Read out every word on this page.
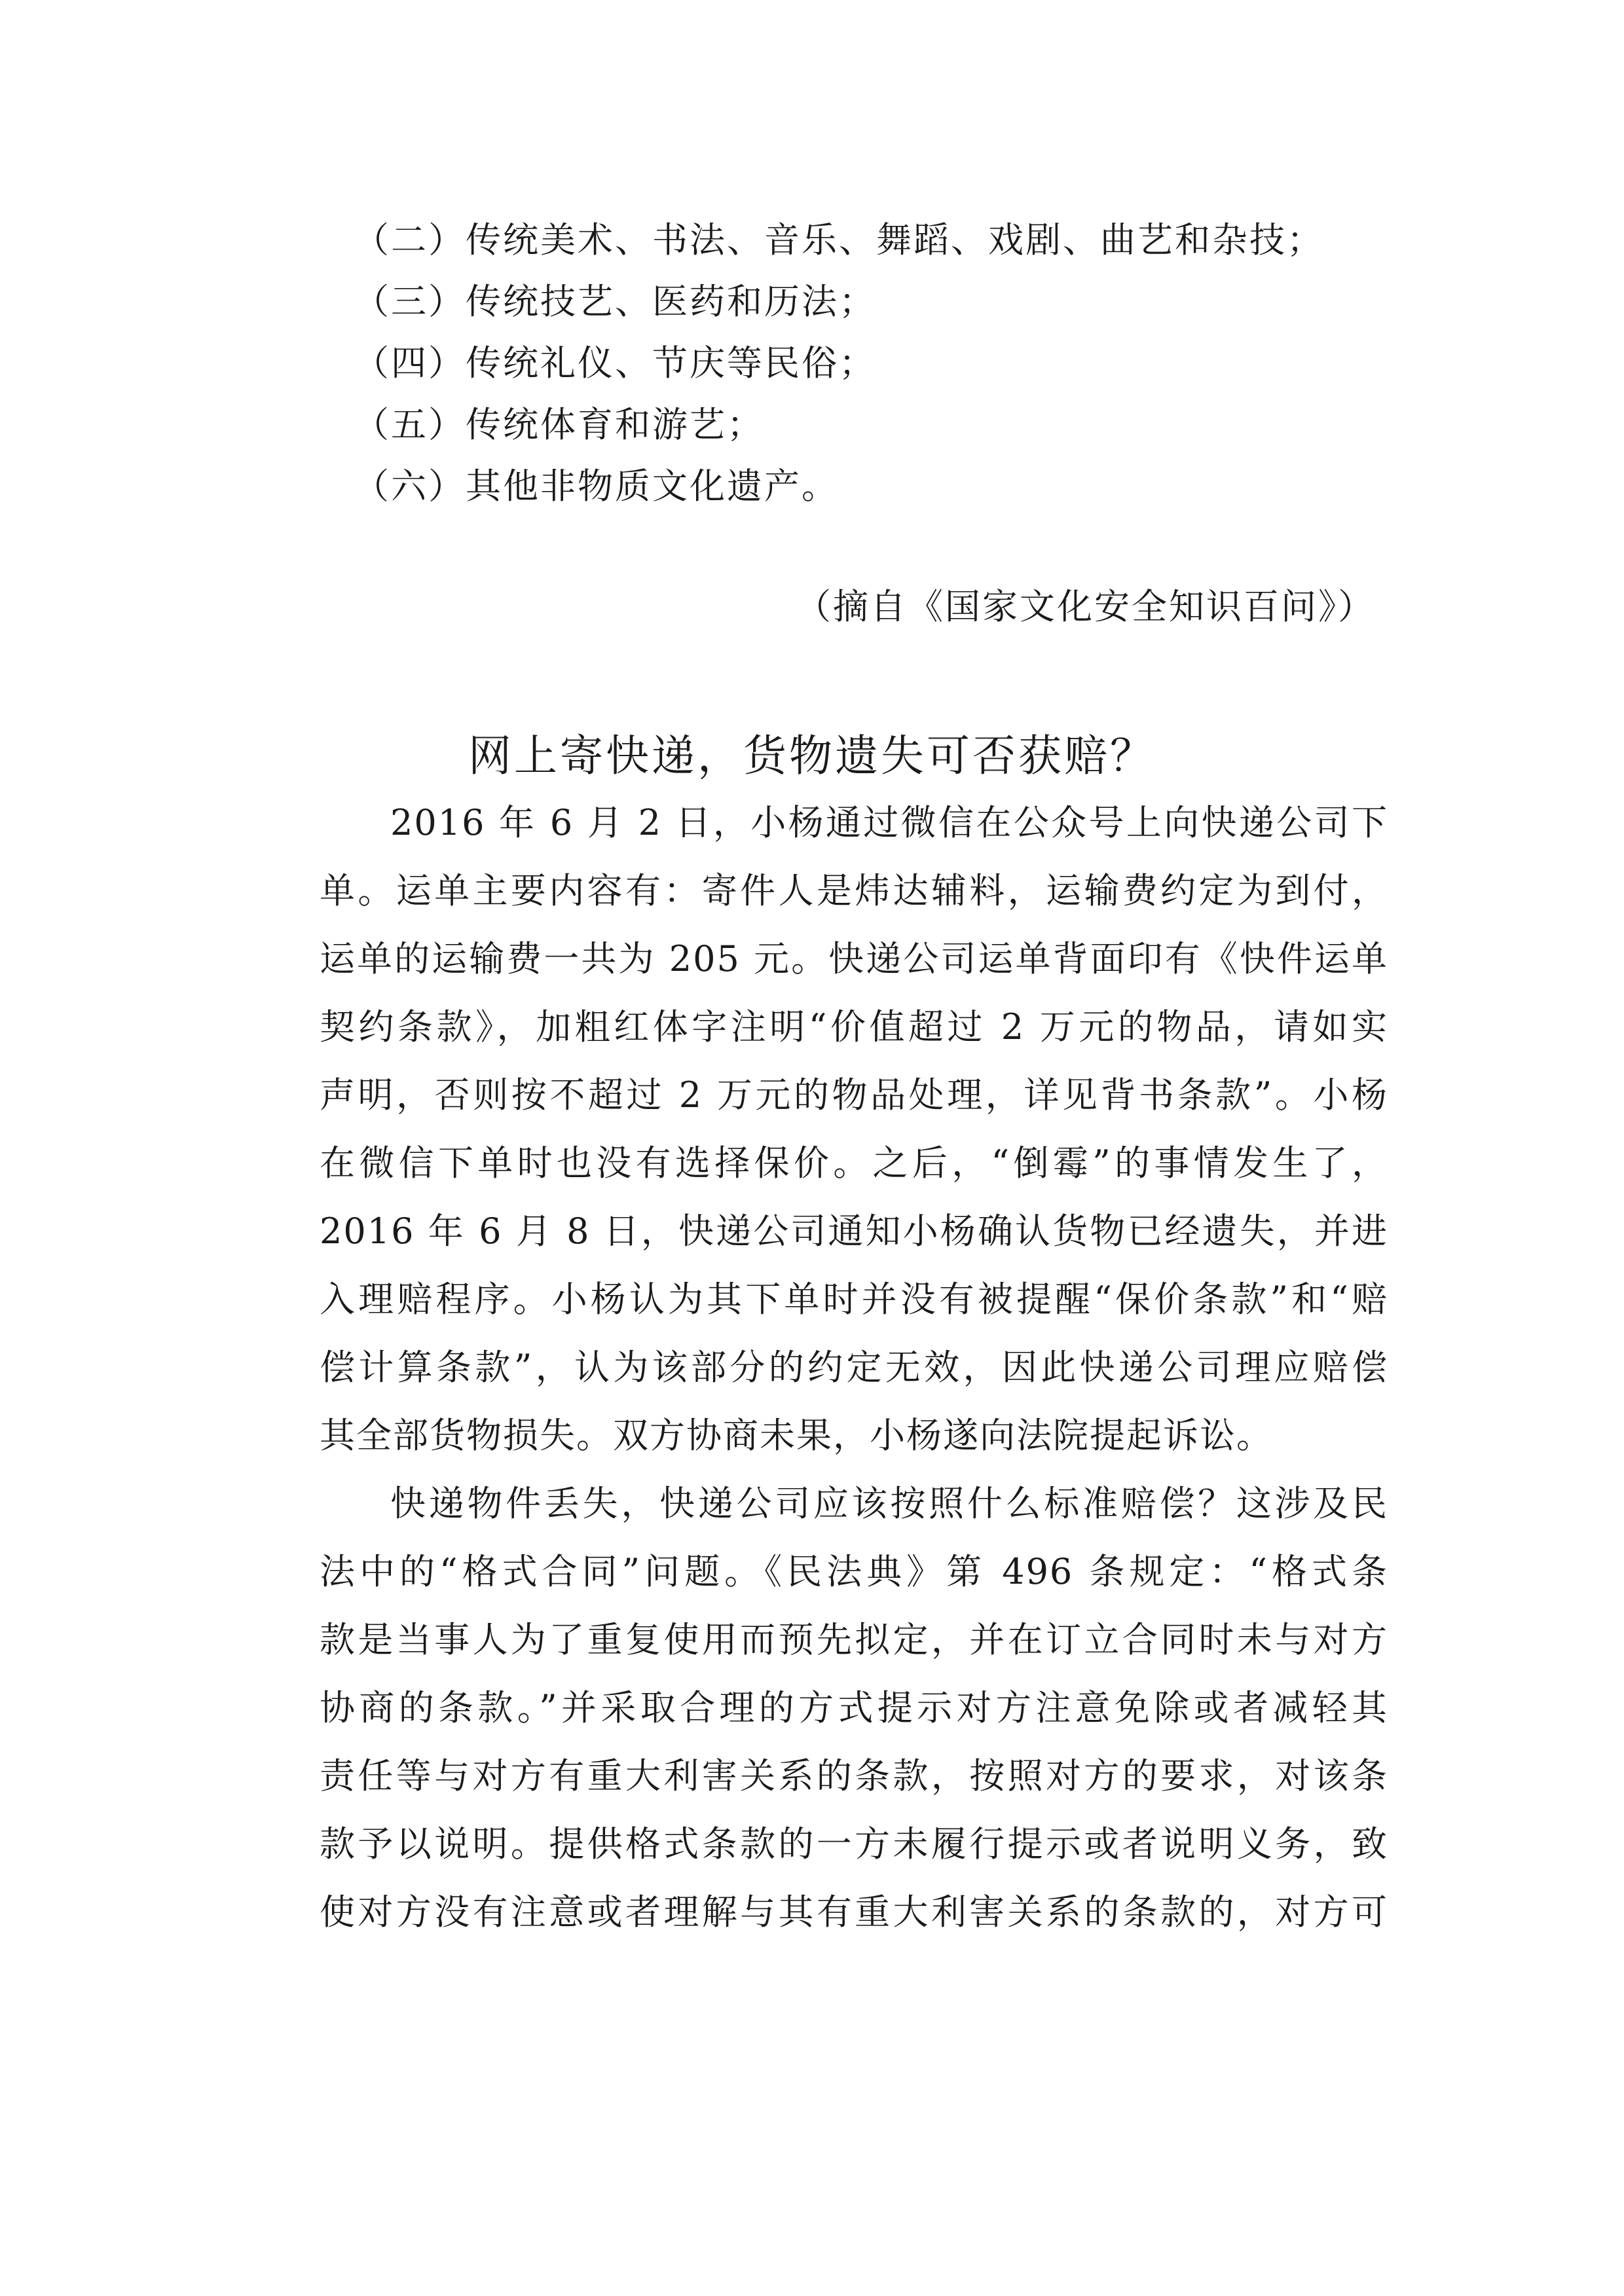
（二）传统美术、书法、音乐、舞蹈、戏剧、曲艺和杂技；
（三）传统技艺、医药和历法；
（四）传统礼仪、节庆等民俗；
（五）传统体育和游艺；
（六）其他非物质文化遗产。
（摘自《国家文化安全知识百问》）
网上寄快递，货物遗失可否获赔？
2016 年 6 月 2 日，小杨通过微信在公众号上向快递公司下
单。运单主要内容有：寄件人是炜达辅料，运输费约定为到付，
运单的运输费一共为 205 元。快递公司运单背面印有《快件运单
契约条款》，加粗红体字注明“价值超过 2 万元的物品，请如实
声明，否则按不超过 2 万元的物品处理，详见背书条款”。小杨
在微信下单时也没有选择保价。之后，“倒霉”的事情发生了，
2016 年 6 月 8 日，快递公司通知小杨确认货物已经遗失，并进
入理赔程序。小杨认为其下单时并没有被提醒“保价条款”和“赔
偿计算条款”，认为该部分的约定无效，因此快递公司理应赔偿
其全部货物损失。双方协商未果，小杨遂向法院提起诉讼。
快递物件丢失，快递公司应该按照什么标准赔偿？这涉及民
法中的“格式合同”问题。《民法典》第 496 条规定：“格式条
款是当事人为了重复使用而预先拟定，并在订立合同时未与对方
协商的条款。”并采取合理的方式提示对方注意免除或者减轻其
责任等与对方有重大利害关系的条款，按照对方的要求，对该条
款予以说明。提供格式条款的一方未履行提示或者说明义务，致
使对方没有注意或者理解与其有重大利害关系的条款的，对方可
